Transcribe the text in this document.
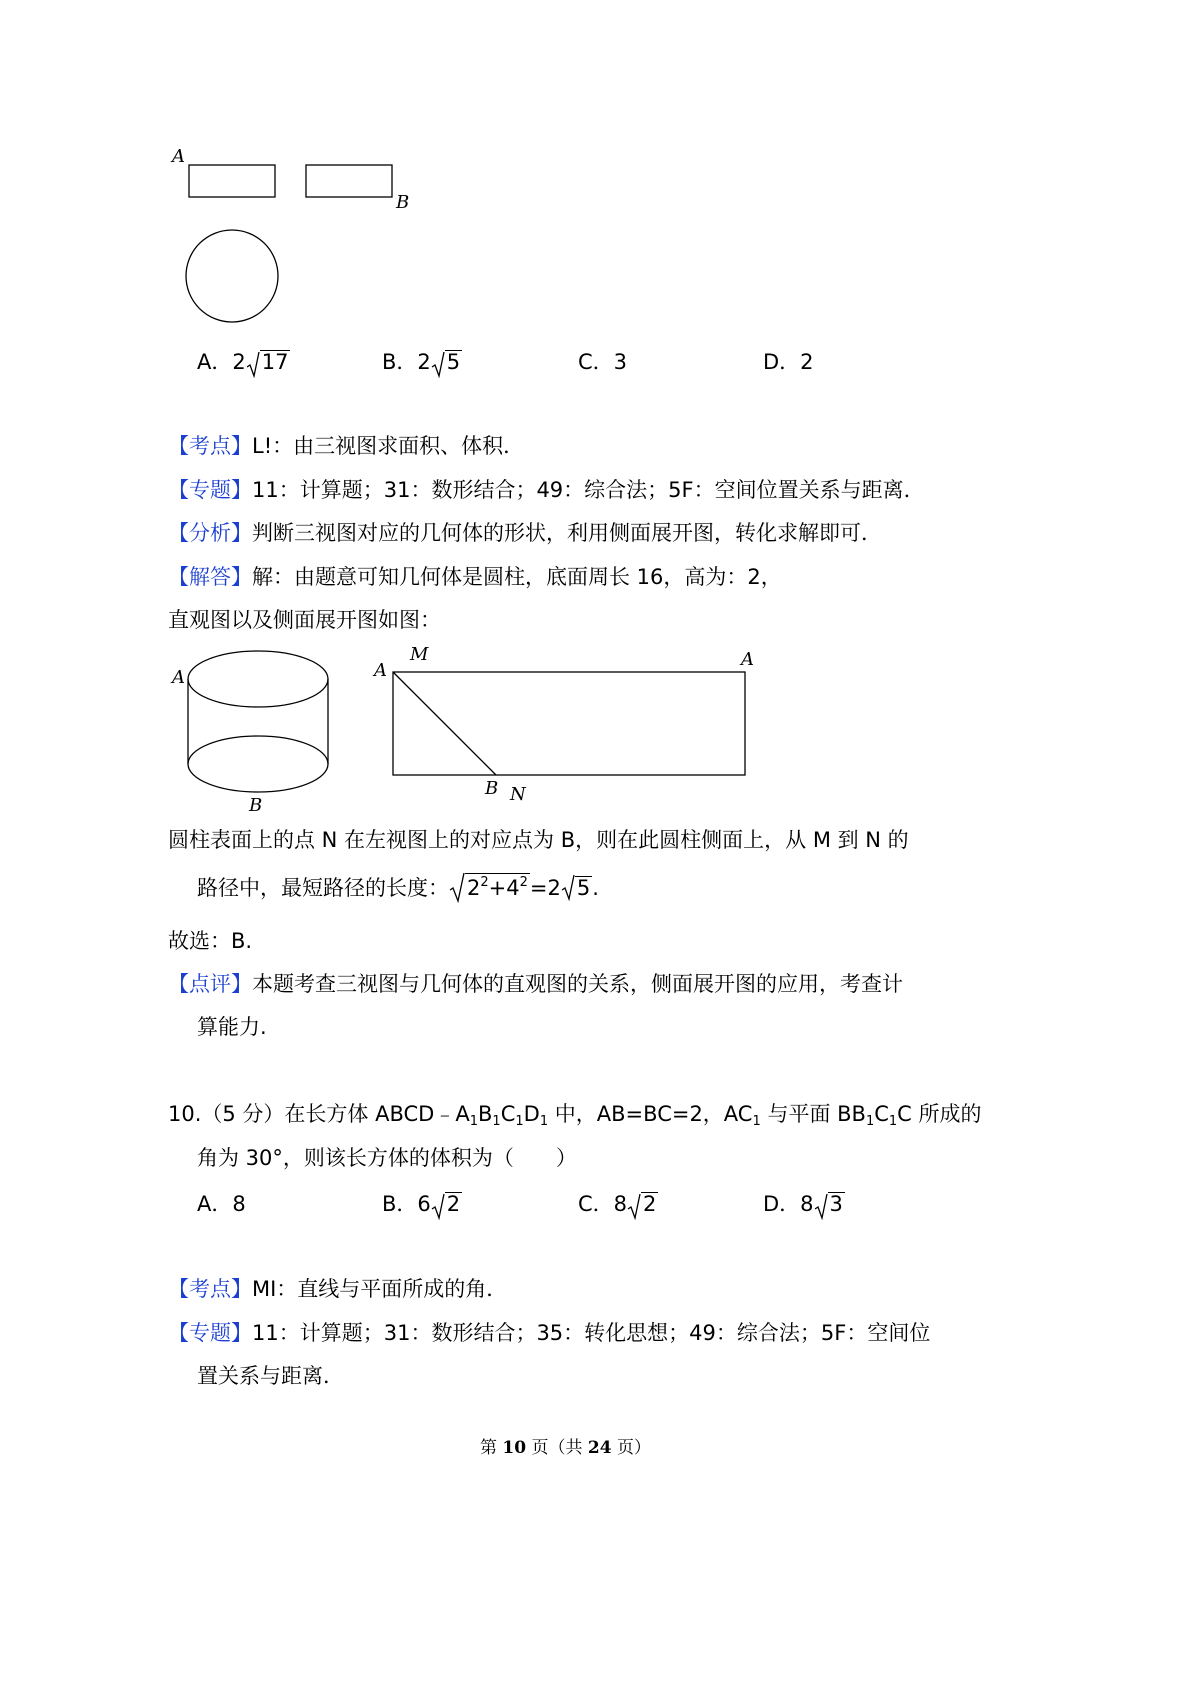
A
B
A．2 17	B．2 5	C．3	D．2
【考点】L!：由三视图求面积、体积．
【专题】11：计算题；31：数形结合；49：综合法；5F：空间位置关系与距离．
【分析】判断三视图对应的几何体的形状，利用侧面展开图，转化求解即可．
【解答】解：由题意可知几何体是圆柱，底面周长 16，高为：2，
直观图以及侧面展开图如图：
A
B
A
M	A
B N
圆柱表面上的点 N 在左视图上的对应点为 B，则在此圆柱侧面上，从 M 到 N 的
路径中，最短路径的长度： $2^2+4^2=2$ 5.
故选：B.
【点评】本题考查三视图与几何体的直观图的关系，侧面展开图的应用，考查计
算能力.
10.（5 分）在长方体 $ABCD﹣A_1B_1C_1D_1$ 中，AB=BC=2，$AC_1$ 与平面 $BB_1C_1C$ 所成的
角为 30°，则该长方体的体积为（　　）
A．8	B．6 2	C．8 2	D．8 3
【考点】MI：直线与平面所成的角．
【专题】11：计算题；31：数形结合；35：转化思想；49：综合法；5F：空间位
置关系与距离．
第 10 页（共 24 页）
